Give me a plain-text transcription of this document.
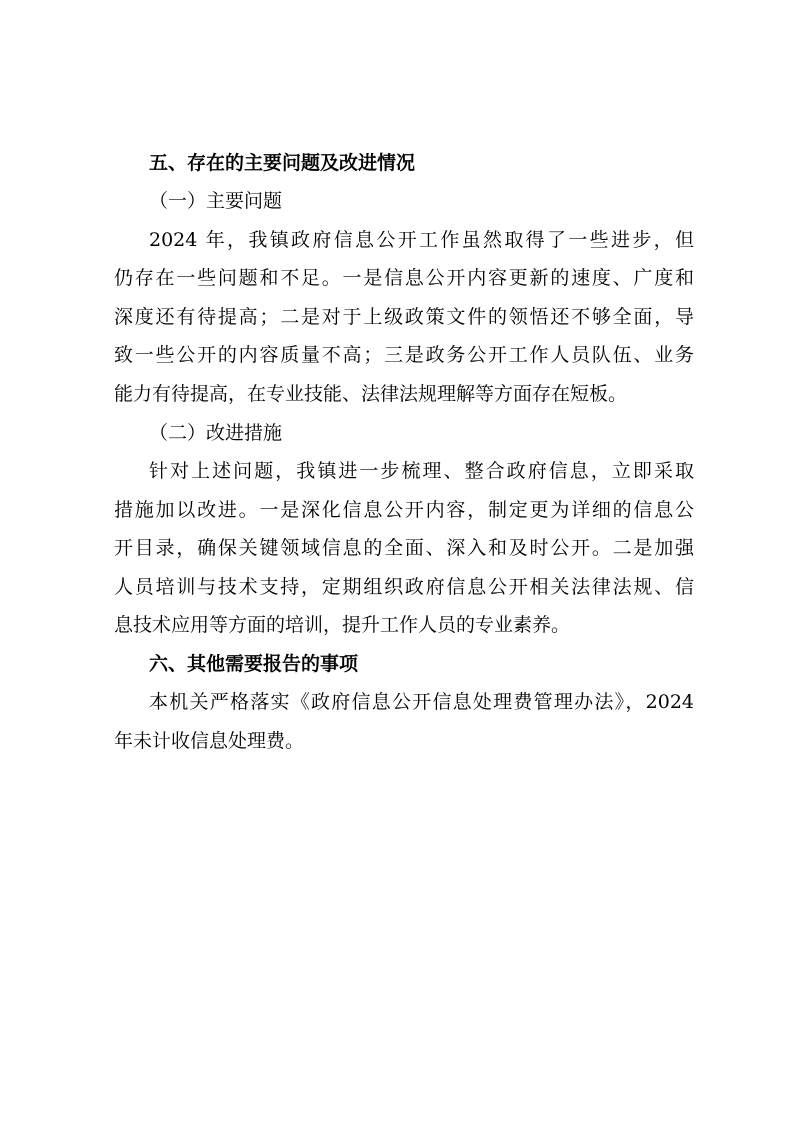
五、存在的主要问题及改进情况
（一）主要问题
2024 年，我镇政府信息公开工作虽然取得了一些进步，但
仍存在一些问题和不足。一是信息公开内容更新的速度、广度和
深度还有待提高；二是对于上级政策文件的领悟还不够全面，导
致一些公开的内容质量不高；三是政务公开工作人员队伍、业务
能力有待提高，在专业技能、法律法规理解等方面存在短板。
（二）改进措施
针对上述问题，我镇进一步梳理、整合政府信息，立即采取
措施加以改进。一是深化信息公开内容，制定更为详细的信息公
开目录，确保关键领域信息的全面、深入和及时公开。二是加强
人员培训与技术支持，定期组织政府信息公开相关法律法规、信
息技术应用等方面的培训，提升工作人员的专业素养。
六、其他需要报告的事项
本机关严格落实《政府信息公开信息处理费管理办法》，2024
年未计收信息处理费。
